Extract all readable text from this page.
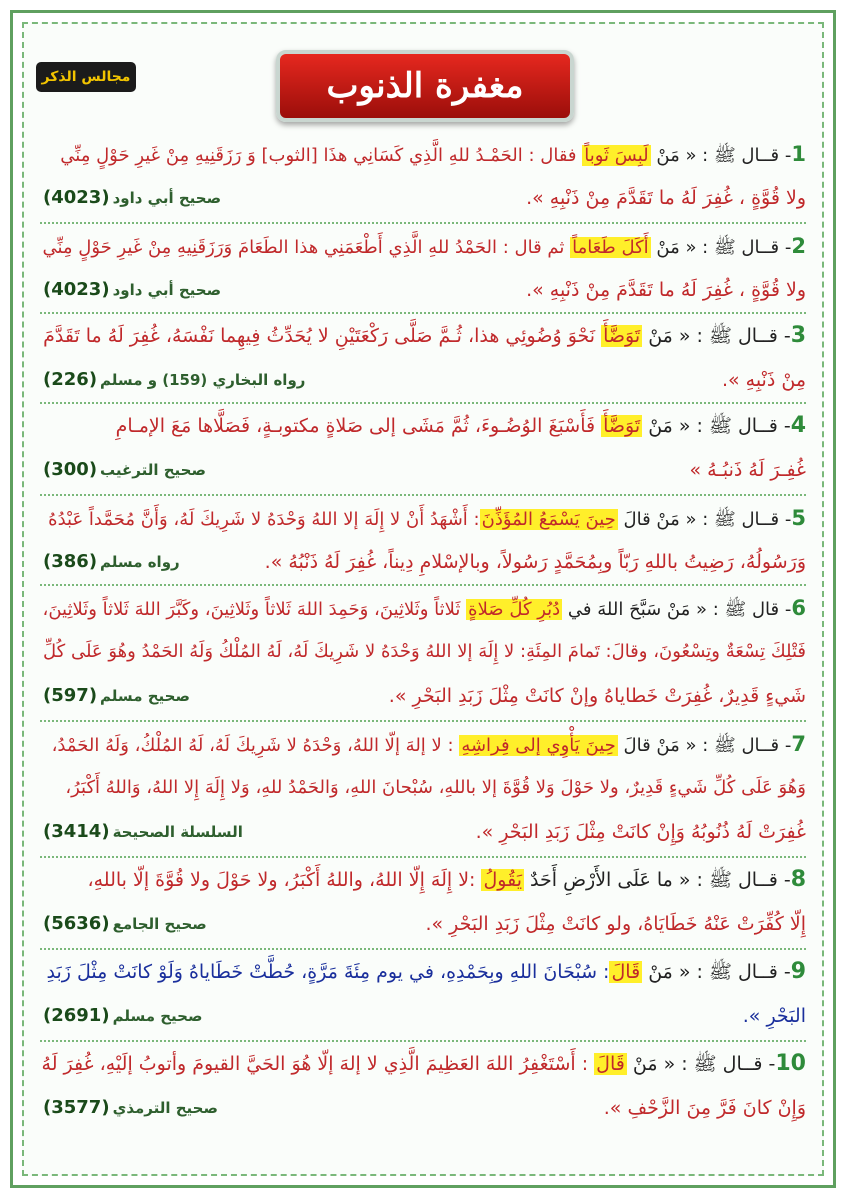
مجالس الذكر	مغفرة الذنوب
1- قــال ﷺ : « مَنْ لَبِسَ ثَوباً فقال : الحَمْـدُ للهِ الَّذِي كَسَانِي هذَا [الثوب] وَ رَزَقَنِيهِ مِنْ غَيرِ حَوْلٍ مِنِّي
ولا قُوَّةٍ ، غُفِرَ لَهُ ما تَقَدَّمَ مِنْ ذَنْبِهِ ».
صحيح أبي داود(4023)
2- قــال ﷺ : « مَنْ أَكَلَ طَعَاماً ثم قال : الحَمْدُ للهِ الَّذِي أَطْعَمَنِي هذا الطَعَامَ وَرَزَقَنِيهِ مِنْ غَيرِ حَوْلٍ مِنِّي
ولا قُوَّةٍ ، غُفِرَ لَهُ ما تَقَدَّمَ مِنْ ذَنْبِهِ ».
صحيح أبي داود(4023)
3- قــال ﷺ : « مَنْ تَوَضَّأَ نَحْوَ وُضُوئِي هذا، ثُـمَّ صَلَّى رَكْعَتَيْنِ لا يُحَدِّثُ فِيهِما نَفْسَهُ، غُفِرَ لَهُ ما تَقَدَّمَ
مِنْ ذَنْبِهِ ».
رواه البخاري (159) و مسلم(226)
4- قــال ﷺ : « مَنْ تَوَضَّأَ فَأَسْبَغَ الوُضُـوءَ، ثُمَّ مَشَى إلى صَلاةٍ مكتوبـةٍ، فَصَلَّاها مَعَ الإمـامِ
غُفِـرَ لَهُ ذَنبُـهُ »
صحيح الترغيب(300)
5- قــال ﷺ : « مَنْ قالَ حِينَ يَسْمَعُ المُؤَذِّنَ: أَشْهَدُ أَنْ لا إِلَهَ إلا اللهُ وَحْدَهُ لا شَرِيكَ لَهُ، وَأَنَّ مُحَمَّداً عَبْدُهُ
وَرَسُولُهُ، رَضِيتُ باللهِ رَبّاً وبِمُحَمَّدٍ رَسُولاً، وبالإسْلامِ دِيناً، غُفِرَ لَهُ ذَنْبُهُ ».
رواه مسلم(386)
6- قال ﷺ : « مَنْ سَبَّحَ اللهَ في دُبُرِ كُلِّ صَلاةٍ ثَلاثاً وثَلاثِينَ، وَحَمِدَ اللهَ ثَلاثاً وثَلاثِينَ، وكَبَّرَ اللهَ ثَلاثاً وثَلاثِينَ،
فَتْلِكَ تِسْعَةٌ وتِسْعُونَ، وقالَ: تَمامَ المِئَةِ: لا إِلَهَ إلا اللهُ وَحْدَهُ لا شَرِيكَ لَهُ، لَهُ المُلْكُ وَلَهُ الحَمْدُ وهُوَ عَلَى كُلِّ
شَيءٍ قَدِيرٌ، غُفِرَتْ خَطاياهُ وإنْ كانَتْ مِثْلَ زَبَدِ البَحْرِ ».
صحيح مسلم(597)
7- قــال ﷺ : « مَنْ قالَ حِينَ يَأْوِي إلى فِراشِهِ : لا إلهَ إلّا اللهُ، وَحْدَهُ لا شَرِيكَ لَهُ، لَهُ المُلْكُ، وَلَهُ الحَمْدُ،
وَهُوَ عَلَى كُلِّ شَيءٍ قَدِيرٌ، ولا حَوْلَ وَلا قُوَّةَ إلا باللهِ، سُبْحانَ اللهِ، وَالحَمْدُ للهِ، وَلا إِلَهَ إِلا اللهُ، وَاللهُ أَكْبَرُ،
غُفِرَتْ لَهُ ذُنُوبُهُ وَإِنْ كانَتْ مِثْلَ زَبَدِ البَحْرِ ».
السلسلة الصحيحة(3414)
8- قــال ﷺ : « ما عَلَى الأَرْضِ أَحَدٌ يَقُولُ :لا إِلَهَ إِلّا اللهُ، واللهُ أَكْبَرُ، ولا حَوْلَ ولا قُوَّةَ إلّا باللهِ،
إِلّا كُفِّرَتْ عَنْهُ خَطَايَاهُ، ولو كانَتْ مِثْلَ زَبَدِ البَحْرِ ».
صحيح الجامع(5636)
9- قــال ﷺ : « مَنْ قَالَ: سُبْحَانَ اللهِ وبِحَمْدِهِ، في يوم مِئَةَ مَرَّةٍ، حُطَّتْ خَطَاياهُ وَلَوْ كانَتْ مِثْلَ زَبَدِ
البَحْرِ ».
صحيح مسلم(2691)
10- قــال ﷺ : « مَنْ قَالَ : أَسْتَغْفِرُ اللهَ العَظِيمَ الَّذِي لا إلهَ إلّا هُوَ الحَيَّ القيومَ وأتوبُ إلَيْهِ، غُفِرَ لَهُ
وَإِنْ كانَ فَرَّ مِنَ الزَّحْفِ ».
صحيح الترمذي(3577)
